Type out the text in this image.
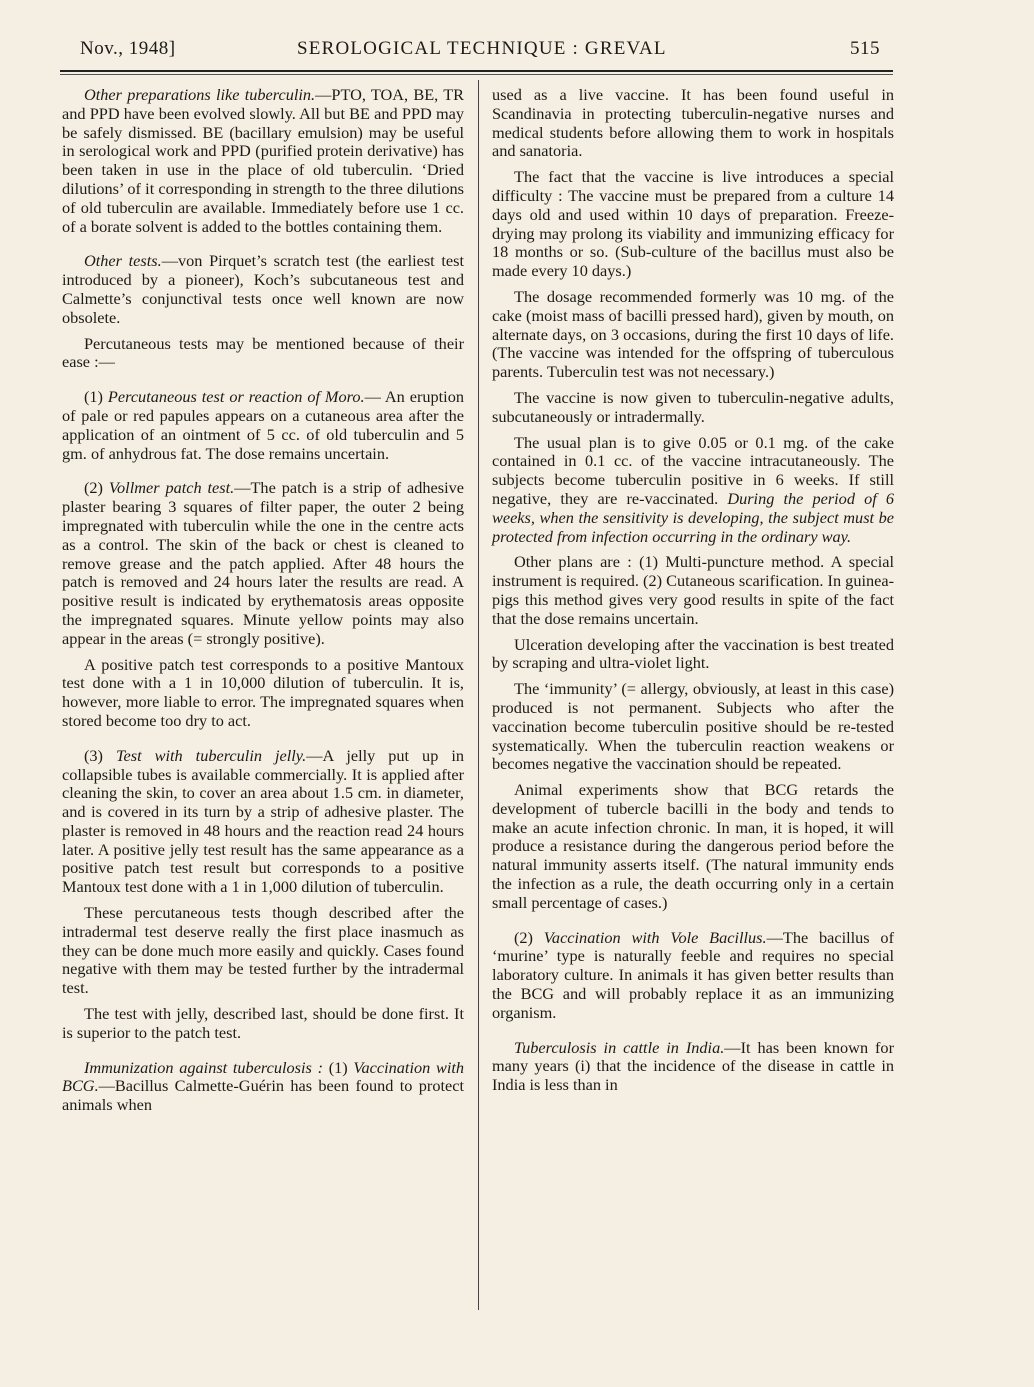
Nov., 1948]	SEROLOGICAL TECHNIQUE : GREVAL	515

Other preparations like tuberculin.—PTO, TOA, BE, TR and PPD have been evolved slowly. All but BE and PPD may be safely dismissed. BE (bacillary emulsion) may be useful in serological work and PPD (purified protein derivative) has been taken in use in the place of old tuberculin. ‘Dried dilutions’ of it corresponding in strength to the three dilutions of old tuberculin are available. Immediately before use 1 cc. of a borate solvent is added to the bottles containing them.

Other tests.—von Pirquet’s scratch test (the earliest test introduced by a pioneer), Koch’s subcutaneous test and Calmette’s conjunctival tests once well known are now obsolete.

Percutaneous tests may be mentioned because of their ease :—

(1) Percutaneous test or reaction of Moro.— An eruption of pale or red papules appears on a cutaneous area after the application of an ointment of 5 cc. of old tuberculin and 5 gm. of anhydrous fat. The dose remains uncertain.

(2) Vollmer patch test.—The patch is a strip of adhesive plaster bearing 3 squares of filter paper, the outer 2 being impregnated with tuberculin while the one in the centre acts as a control. The skin of the back or chest is cleaned to remove grease and the patch applied. After 48 hours the patch is removed and 24 hours later the results are read. A positive result is indicated by erythematosis areas opposite the impregnated squares. Minute yellow points may also appear in the areas (= strongly positive).

A positive patch test corresponds to a positive Mantoux test done with a 1 in 10,000 dilution of tuberculin. It is, however, more liable to error. The impregnated squares when stored become too dry to act.

(3) Test with tuberculin jelly.—A jelly put up in collapsible tubes is available commercially. It is applied after cleaning the skin, to cover an area about 1.5 cm. in diameter, and is covered in its turn by a strip of adhesive plaster. The plaster is removed in 48 hours and the reaction read 24 hours later. A positive jelly test result has the same appearance as a positive patch test result but corresponds to a positive Mantoux test done with a 1 in 1,000 dilution of tuberculin.

These percutaneous tests though described after the intradermal test deserve really the first place inasmuch as they can be done much more easily and quickly. Cases found negative with them may be tested further by the intradermal test.

The test with jelly, described last, should be done first. It is superior to the patch test.

Immunization against tuberculosis : (1) Vaccination with BCG.—Bacillus Calmette-Guérin has been found to protect animals when

used as a live vaccine. It has been found useful in Scandinavia in protecting tuberculin-negative nurses and medical students before allowing them to work in hospitals and sanatoria.

The fact that the vaccine is live introduces a special difficulty : The vaccine must be prepared from a culture 14 days old and used within 10 days of preparation. Freeze-drying may prolong its viability and immunizing efficacy for 18 months or so. (Sub-culture of the bacillus must also be made every 10 days.)

The dosage recommended formerly was 10 mg. of the cake (moist mass of bacilli pressed hard), given by mouth, on alternate days, on 3 occasions, during the first 10 days of life. (The vaccine was intended for the offspring of tuberculous parents. Tuberculin test was not necessary.)

The vaccine is now given to tuberculin-negative adults, subcutaneously or intradermally.

The usual plan is to give 0.05 or 0.1 mg. of the cake contained in 0.1 cc. of the vaccine intracutaneously. The subjects become tuberculin positive in 6 weeks. If still negative, they are re-vaccinated. During the period of 6 weeks, when the sensitivity is developing, the subject must be protected from infection occurring in the ordinary way.

Other plans are : (1) Multi-puncture method. A special instrument is required. (2) Cutaneous scarification. In guinea-pigs this method gives very good results in spite of the fact that the dose remains uncertain.

Ulceration developing after the vaccination is best treated by scraping and ultra-violet light.

The ‘immunity’ (= allergy, obviously, at least in this case) produced is not permanent. Subjects who after the vaccination become tuberculin positive should be re-tested systematically. When the tuberculin reaction weakens or becomes negative the vaccination should be repeated.

Animal experiments show that BCG retards the development of tubercle bacilli in the body and tends to make an acute infection chronic. In man, it is hoped, it will produce a resistance during the dangerous period before the natural immunity asserts itself. (The natural immunity ends the infection as a rule, the death occurring only in a certain small percentage of cases.)

(2) Vaccination with Vole Bacillus.—The bacillus of ‘murine’ type is naturally feeble and requires no special laboratory culture. In animals it has given better results than the BCG and will probably replace it as an immunizing organism.

Tuberculosis in cattle in India.—It has been known for many years (i) that the incidence of the disease in cattle in India is less than in
